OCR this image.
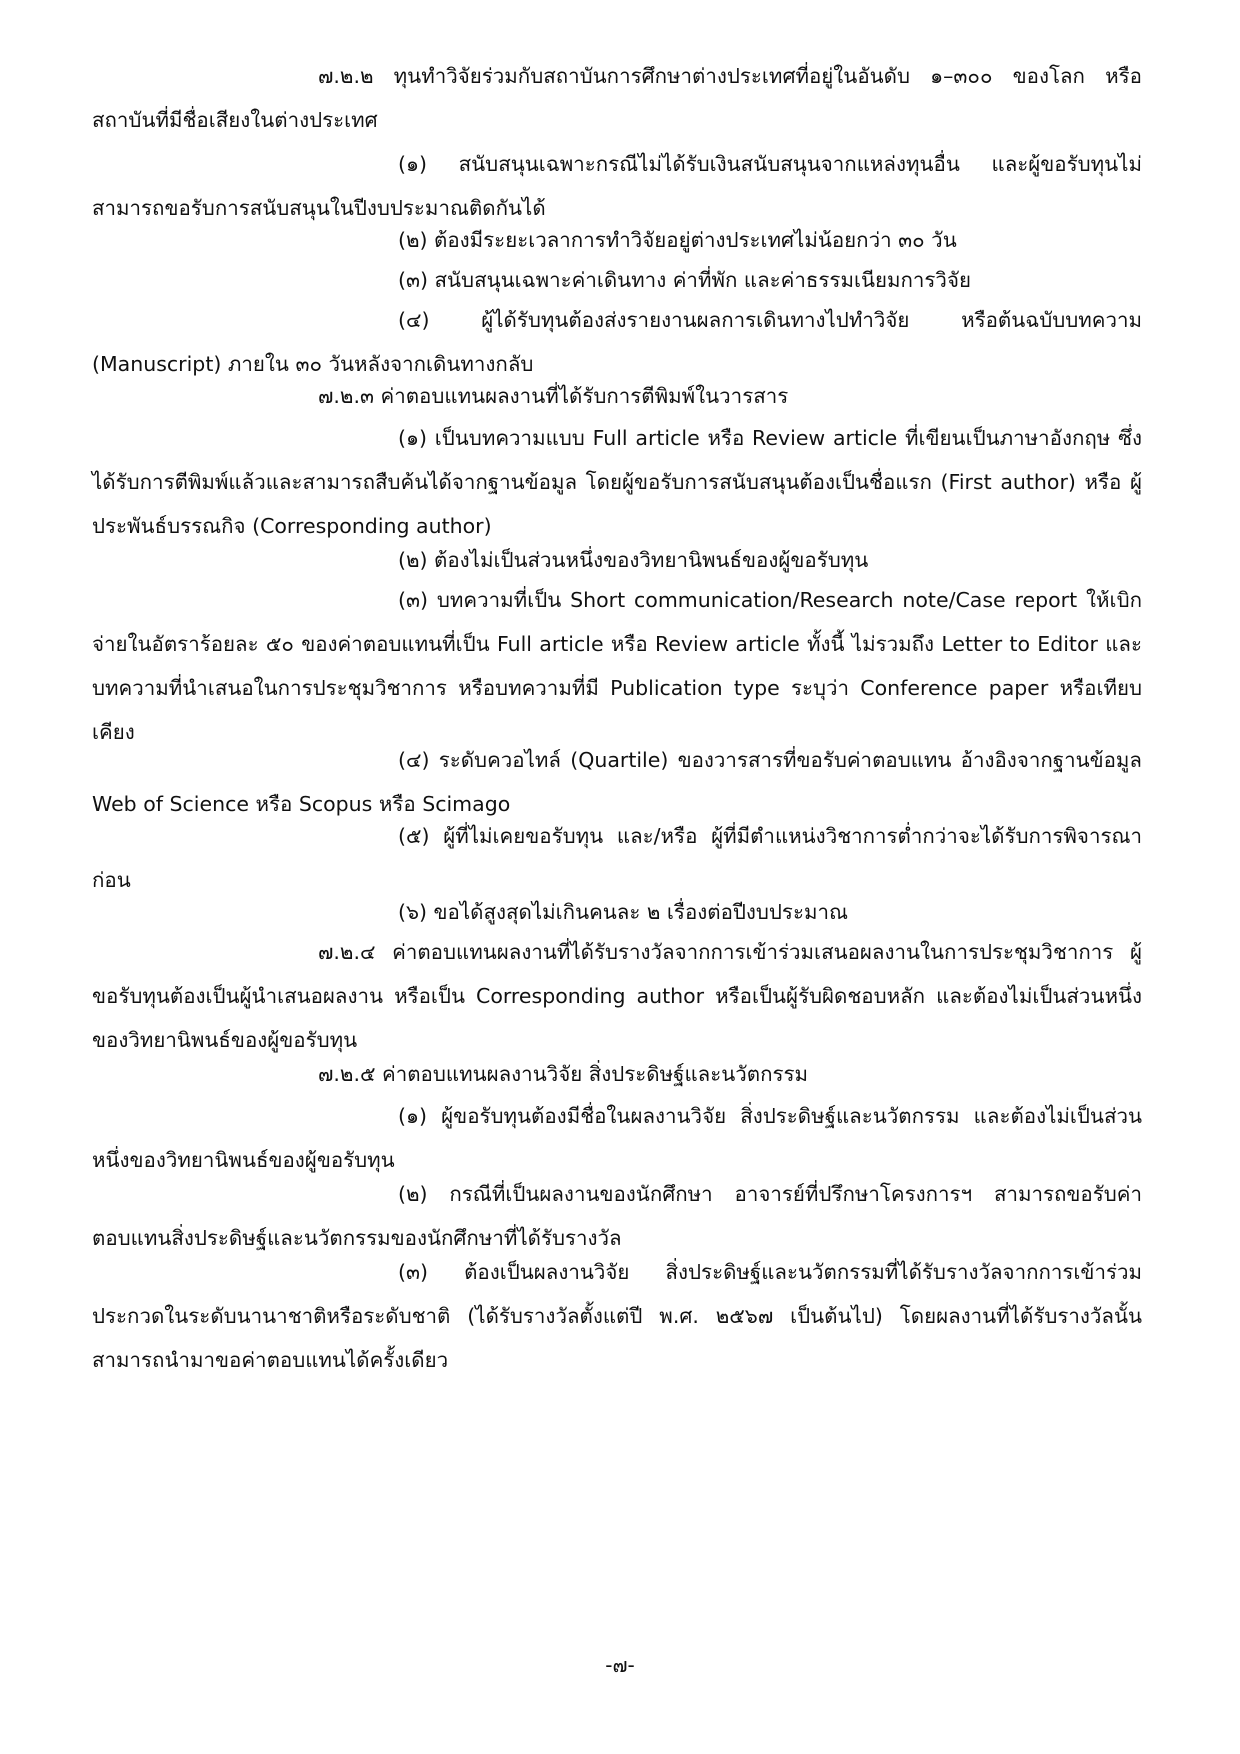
๗.๒.๒ ทุนทำวิจัยร่วมกับสถาบันการศึกษาต่างประเทศที่อยู่ในอันดับ ๑–๓๐๐ ของโลก หรือสถาบันที่มีชื่อเสียงในต่างประเทศ

(๑) สนับสนุนเฉพาะกรณีไม่ได้รับเงินสนับสนุนจากแหล่งทุนอื่น และผู้ขอรับทุนไม่สามารถขอรับการสนับสนุนในปีงบประมาณติดกันได้

(๒) ต้องมีระยะเวลาการทำวิจัยอยู่ต่างประเทศไม่น้อยกว่า ๓๐ วัน

(๓) สนับสนุนเฉพาะค่าเดินทาง ค่าที่พัก และค่าธรรมเนียมการวิจัย

(๔) ผู้ได้รับทุนต้องส่งรายงานผลการเดินทางไปทำวิจัย หรือต้นฉบับบทความ (Manuscript) ภายใน ๓๐ วันหลังจากเดินทางกลับ

๗.๒.๓ ค่าตอบแทนผลงานที่ได้รับการตีพิมพ์ในวารสาร

(๑) เป็นบทความแบบ Full article หรือ Review article ที่เขียนเป็นภาษาอังกฤษ ซึ่งได้รับการตีพิมพ์แล้วและสามารถสืบค้นได้จากฐานข้อมูล โดยผู้ขอรับการสนับสนุนต้องเป็นชื่อแรก (First author) หรือ ผู้ประพันธ์บรรณกิจ (Corresponding author)

(๒) ต้องไม่เป็นส่วนหนึ่งของวิทยานิพนธ์ของผู้ขอรับทุน

(๓) บทความที่เป็น Short communication/Research note/Case report ให้เบิกจ่ายในอัตราร้อยละ ๕๐ ของค่าตอบแทนที่เป็น Full article หรือ Review article ทั้งนี้ ไม่รวมถึง Letter to Editor และบทความที่นำเสนอในการประชุมวิชาการ หรือบทความที่มี Publication type ระบุว่า Conference paper หรือเทียบเคียง

(๔) ระดับควอไทล์ (Quartile) ของวารสารที่ขอรับค่าตอบแทน อ้างอิงจากฐานข้อมูล Web of Science หรือ Scopus หรือ Scimago

(๕) ผู้ที่ไม่เคยขอรับทุน และ/หรือ ผู้ที่มีตำแหน่งวิชาการต่ำกว่าจะได้รับการพิจารณาก่อน

(๖) ขอได้สูงสุดไม่เกินคนละ ๒ เรื่องต่อปีงบประมาณ

๗.๒.๔ ค่าตอบแทนผลงานที่ได้รับรางวัลจากการเข้าร่วมเสนอผลงานในการประชุมวิชาการ ผู้ขอรับทุนต้องเป็นผู้นำเสนอผลงาน หรือเป็น Corresponding author หรือเป็นผู้รับผิดชอบหลัก และต้องไม่เป็นส่วนหนึ่งของวิทยานิพนธ์ของผู้ขอรับทุน

๗.๒.๕ ค่าตอบแทนผลงานวิจัย สิ่งประดิษฐ์และนวัตกรรม

(๑) ผู้ขอรับทุนต้องมีชื่อในผลงานวิจัย สิ่งประดิษฐ์และนวัตกรรม และต้องไม่เป็นส่วนหนึ่งของวิทยานิพนธ์ของผู้ขอรับทุน

(๒) กรณีที่เป็นผลงานของนักศึกษา อาจารย์ที่ปรึกษาโครงการฯ สามารถขอรับค่าตอบแทนสิ่งประดิษฐ์และนวัตกรรมของนักศึกษาที่ได้รับรางวัล

(๓) ต้องเป็นผลงานวิจัย สิ่งประดิษฐ์และนวัตกรรมที่ได้รับรางวัลจากการเข้าร่วมประกวดในระดับนานาชาติหรือระดับชาติ (ได้รับรางวัลตั้งแต่ปี พ.ศ. ๒๕๖๗ เป็นต้นไป) โดยผลงานที่ได้รับรางวัลนั้นสามารถนำมาขอค่าตอบแทนได้ครั้งเดียว

-๗-
